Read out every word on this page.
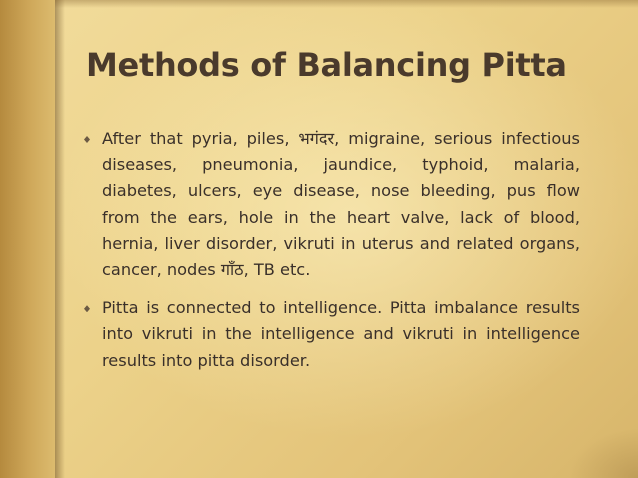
Methods of Balancing Pitta
After that pyria, piles, भगंदर, migraine, serious infectious diseases, pneumonia, jaundice, typhoid, malaria, diabetes, ulcers, eye disease, nose bleeding, pus flow from the ears, hole in the heart valve, lack of blood, hernia, liver disorder, vikruti in uterus and related organs, cancer, nodes गाँठ, TB etc.
Pitta is connected to intelligence. Pitta imbalance results into vikruti in the intelligence and vikruti in intelligence results into pitta disorder.
